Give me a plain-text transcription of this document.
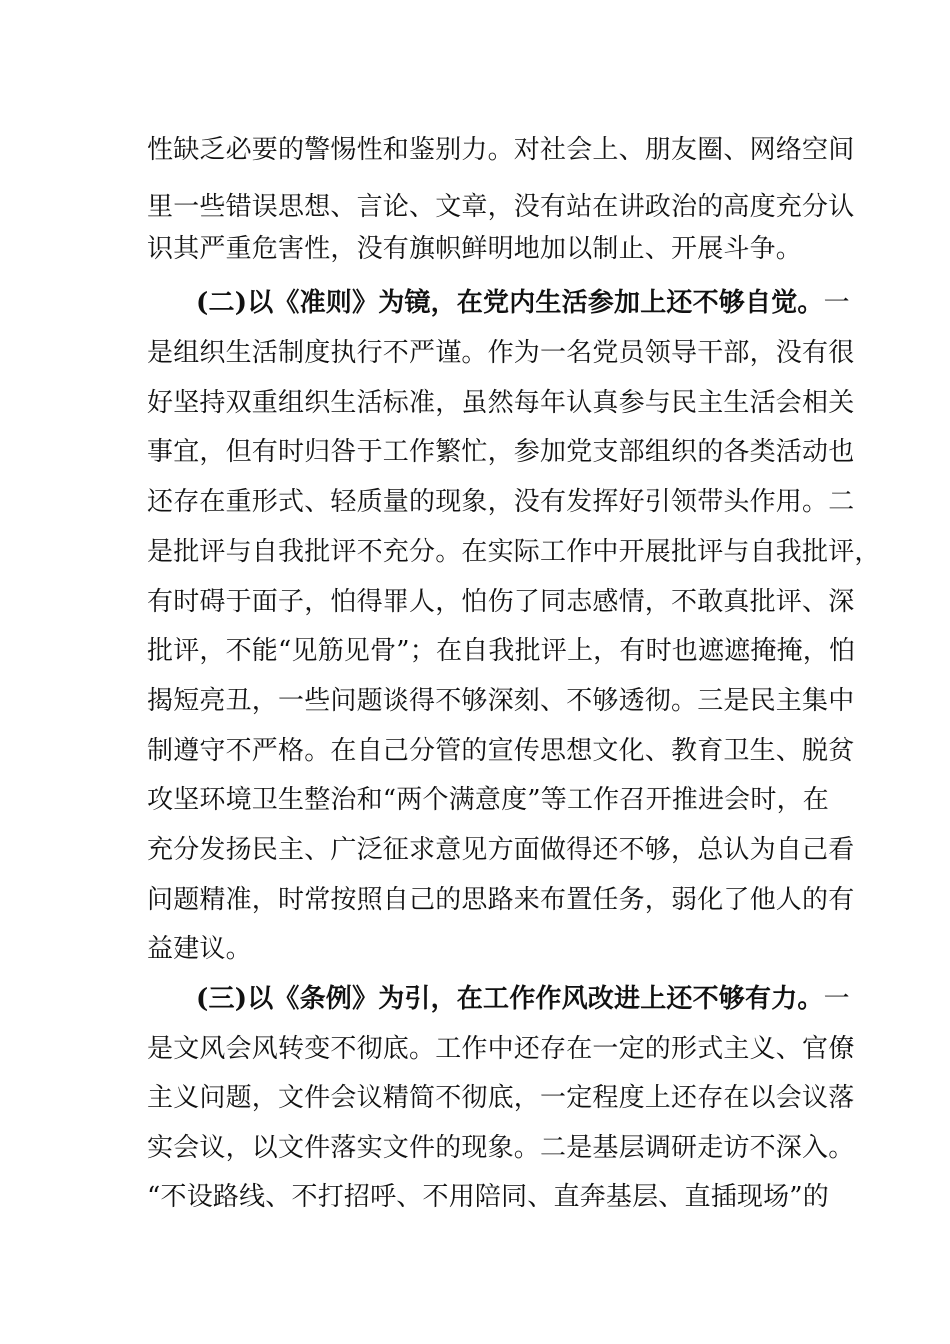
性缺乏必要的警惕性和鉴别力。对社会上、朋友圈、网络空间
里一些错误思想、言论、文章，没有站在讲政治的高度充分认
识其严重危害性，没有旗帜鲜明地加以制止、开展斗争。
(二)以《准则》为镜，在党内生活参加上还不够自觉。一
是组织生活制度执行不严谨。作为一名党员领导干部，没有很
好坚持双重组织生活标准，虽然每年认真参与民主生活会相关
事宜，但有时归咎于工作繁忙，参加党支部组织的各类活动也
还存在重形式、轻质量的现象，没有发挥好引领带头作用。二
是批评与自我批评不充分。在实际工作中开展批评与自我批评，
有时碍于面子，怕得罪人，怕伤了同志感情，不敢真批评、深
批评，不能“见筋见骨”；在自我批评上，有时也遮遮掩掩，怕
揭短亮丑，一些问题谈得不够深刻、不够透彻。三是民主集中
制遵守不严格。在自己分管的宣传思想文化、教育卫生、脱贫
攻坚环境卫生整治和“两个满意度”等工作召开推进会时，在
充分发扬民主、广泛征求意见方面做得还不够，总认为自己看
问题精准，时常按照自己的思路来布置任务，弱化了他人的有
益建议。
(三)以《条例》为引，在工作作风改进上还不够有力。一
是文风会风转变不彻底。工作中还存在一定的形式主义、官僚
主义问题，文件会议精简不彻底，一定程度上还存在以会议落
实会议，以文件落实文件的现象。二是基层调研走访不深入。
“不设路线、不打招呼、不用陪同、直奔基层、直插现场”的
